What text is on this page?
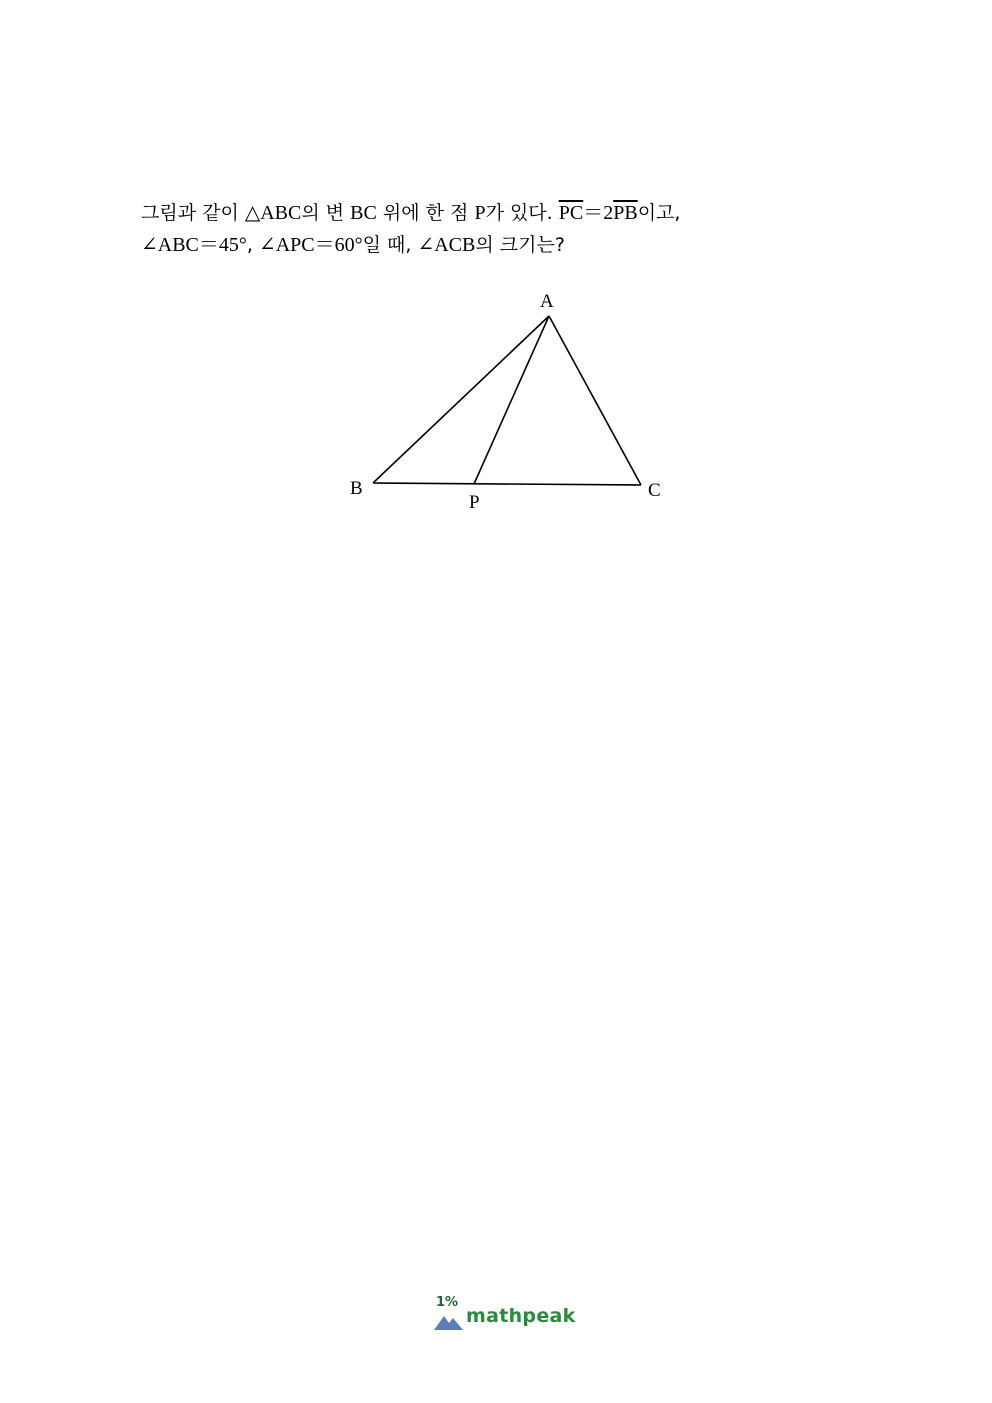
그림과 같이 △ABC의 변 BC 위에 한 점 P가 있다. $\overline{PC}=2\overline{PB}$이고,
∠ABC＝45°, ∠APC＝60°일 때, ∠ACB의 크기는?
A
B	C
P
1%
mathpeak
